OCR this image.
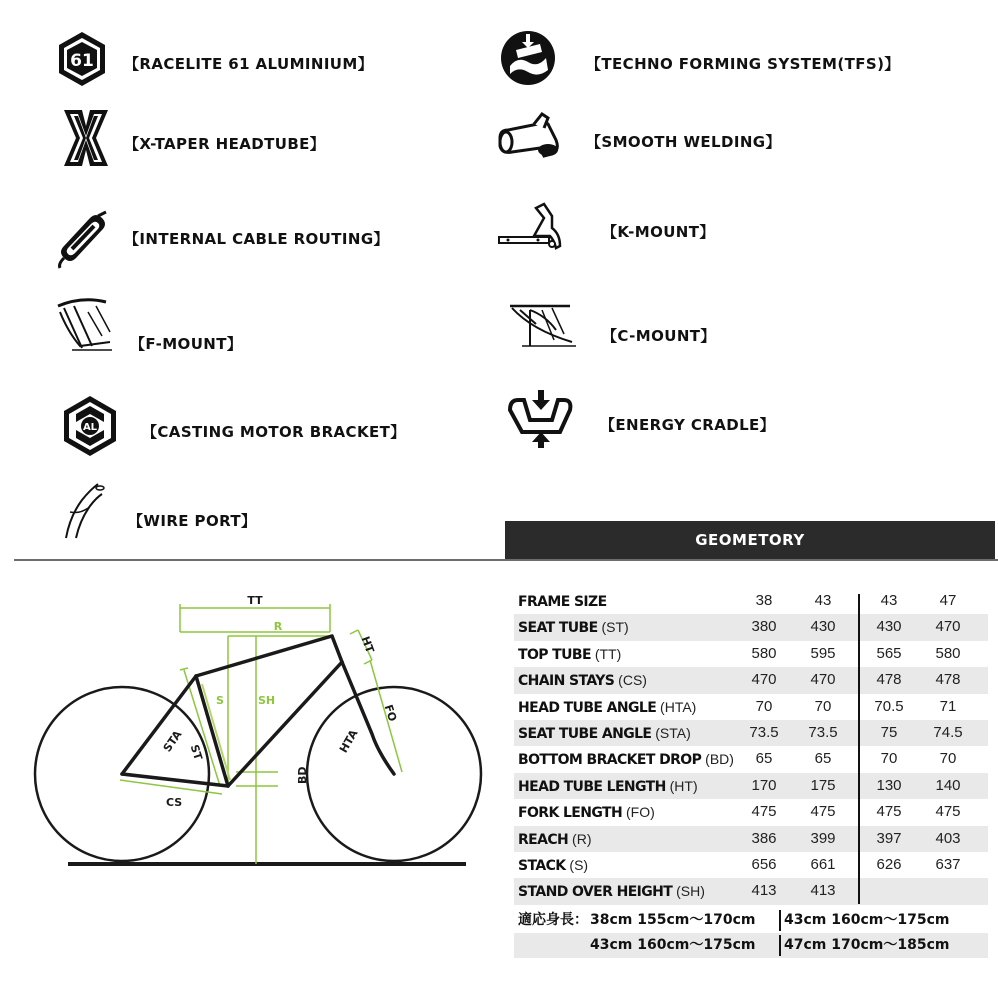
61 【RACELITE 61 ALUMINIUM】	【TECHNO FORMING SYSTEM(TFS)】
【X-TAPER HEADTUBE】	【SMOOTH WELDING】
【INTERNAL CABLE ROUTING】	【K-MOUNT】
【F-MOUNT】	【C-MOUNT】
AL	【CASTING MOTOR BRACKET】	【ENERGY CRADLE】
【WIRE PORT】
GEOMETORY
TT
R
HT
STA ST
S	SH
HTA
FO
BD
CS
FRAME SIZE	38	43	43	47
SEAT TUBE (ST)	380	430	430	470
TOP TUBE (TT)	580	595	565	580
CHAIN STAYS (CS)	470	470	478	478
HEAD TUBE ANGLE (HTA)	70	70	70.5	71
SEAT TUBE ANGLE (STA)	73.5	73.5	75	74.5
BOTTOM BRACKET DROP (BD)	65	65	70	70
HEAD TUBE LENGTH (HT)	170	175	130	140
FORK LENGTH (FO)	475	475	475	475
REACH (R)	386	399	397	403
STACK (S)	656	661	626	637
STAND OVER HEIGHT (SH)	413	413
適応身長： 38cm 155cm〜170cm 43cm 160cm〜175cm
43cm 160cm〜175cm 47cm 170cm〜185cm
